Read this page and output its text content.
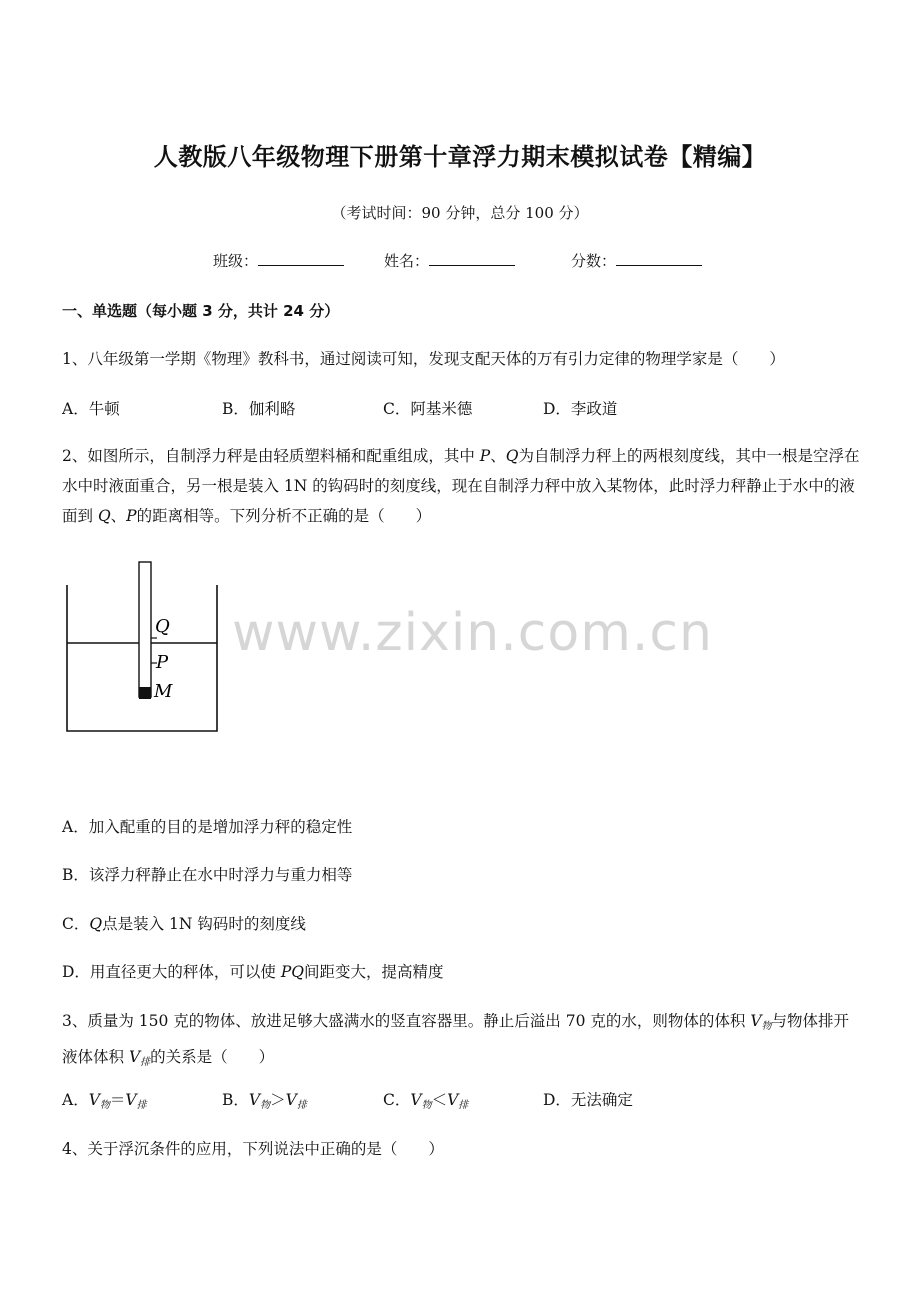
人教版八年级物理下册第十章浮力期末模拟试卷【精编】
（考试时间：90 分钟，总分 100 分）
班级：	姓名：	分数：
一、单选题（每小题 3 分，共计 24 分）
1、八年级第一学期《物理》教科书，通过阅读可知，发现支配天体的万有引力定律的物理学家是（　　）
A．牛顿	B．伽利略	C．阿基米德	D．李政道
2、如图所示，自制浮力秤是由轻质塑料桶和配重组成，其中 P、Q为自制浮力秤上的两根刻度线，其中一根是空浮在水中时液面重合，另一根是装入 1N 的钩码时的刻度线，现在自制浮力秤中放入某物体，此时浮力秤静止于水中的液面到 Q、P的距离相等。下列分析不正确的是（　　）
Q
P
M
www.zixin.com.cn
A．加入配重的目的是增加浮力秤的稳定性
B．该浮力秤静止在水中时浮力与重力相等
C．Q点是装入 1N 钩码时的刻度线
D．用直径更大的秤体，可以使 PQ间距变大，提高精度
3、质量为 150 克的物体、放进足够大盛满水的竖直容器里。静止后溢出 70 克的水，则物体的体积 $V_物$与物体排开液体体积 $V_排$的关系是（　　）
A．$V_物=V_排$	B．$V_物>V_排$	C．$V_物<V_排$	D．无法确定
4、关于浮沉条件的应用，下列说法中正确的是（　　）
